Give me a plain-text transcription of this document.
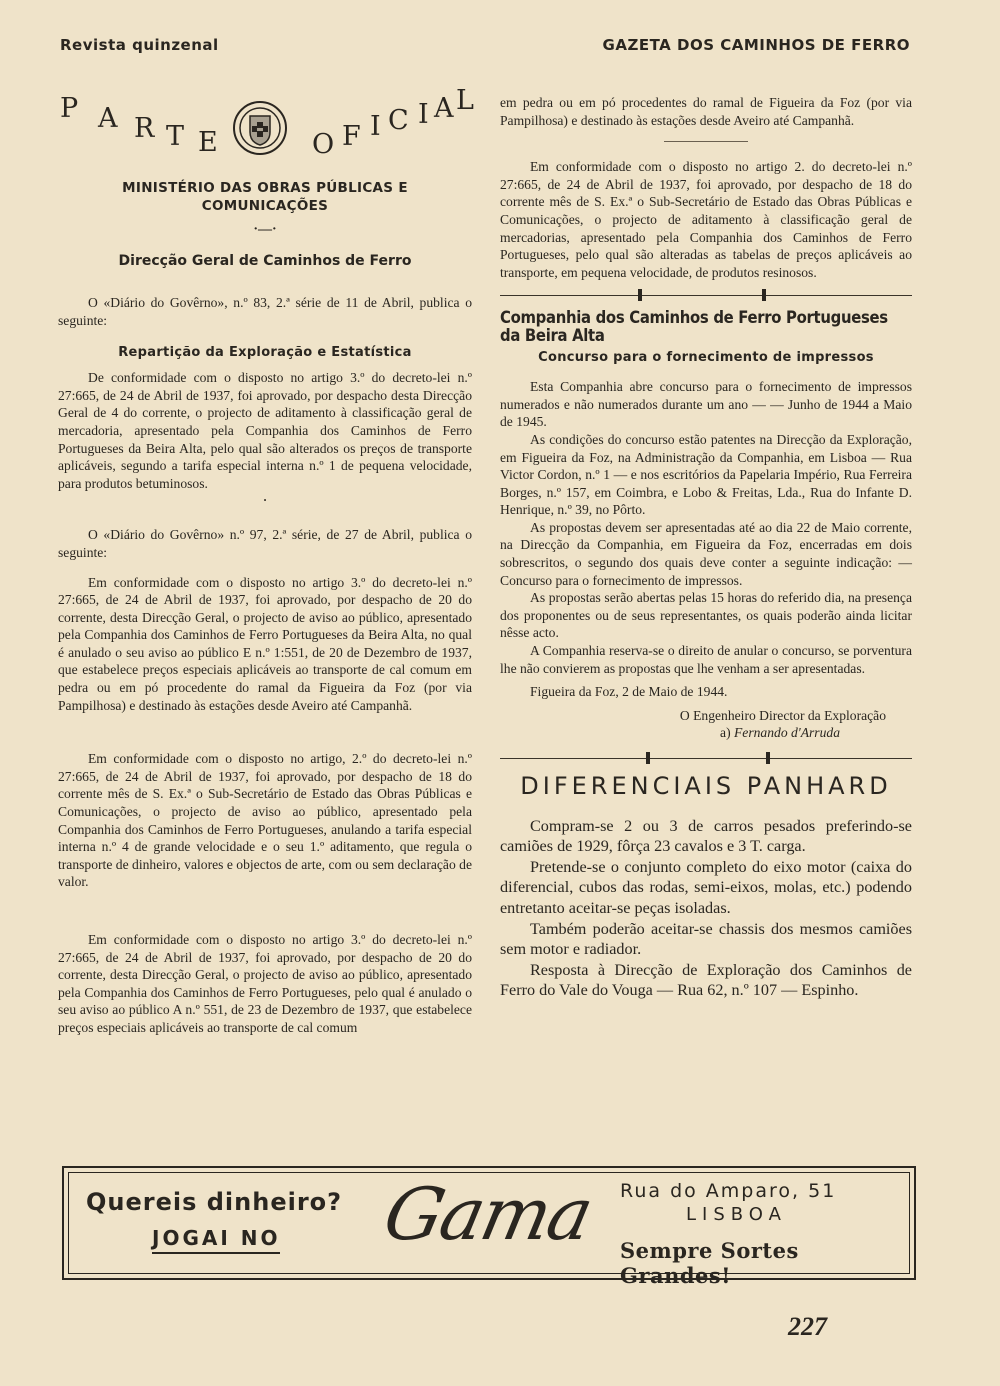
Revista quinzenal	GAZETA DOS CAMINHOS DE FERRO
P A R T E	O F I C I A L
MINISTÉRIO DAS OBRAS PÚBLICAS E COMUNICAÇÕES
·—·
Direcção Geral de Caminhos de Ferro

O «Diário do Govêrno», n.º 83, 2.ª série de 11 de Abril, publica o seguinte:

Repartição da Exploração e Estatística

De conformidade com o disposto no artigo 3.º do decreto-lei n.º 27:665, de 24 de Abril de 1937, foi aprovado, por despacho desta Direcção Geral de 4 do corrente, o projecto de aditamento à classificação geral de mercadoria, apresentado pela Companhia dos Caminhos de Ferro Portugueses da Beira Alta, pelo qual são alterados os preços de transporte aplicáveis, segundo a tarifa especial interna n.º 1 de pequena velocidade, para produtos betuminosos.

•

O «Diário do Govêrno» n.º 97, 2.ª série, de 27 de Abril, publica o seguinte:

Em conformidade com o disposto no artigo 3.º do decreto-lei n.º 27:665, de 24 de Abril de 1937, foi aprovado, por despacho de 20 do corrente, desta Direcção Geral, o projecto de aviso ao público, apresentado pela Companhia dos Caminhos de Ferro Portugueses da Beira Alta, no qual é anulado o seu aviso ao público E n.º 1:551, de 20 de Dezembro de 1937, que estabelece preços especiais aplicáveis ao transporte de cal comum em pedra ou em pó procedente do ramal da Figueira da Foz (por via Pampilhosa) e destinado às estações desde Aveiro até Campanhã.

Em conformidade com o disposto no artigo, 2.º do decreto-lei n.º 27:665, de 24 de Abril de 1937, foi aprovado, por despacho de 18 do corrente mês de S. Ex.ª o Sub-Secretário de Estado das Obras Públicas e Comunicações, o projecto de aviso ao público, apresentado pela Companhia dos Caminhos de Ferro Portugueses, anulando a tarifa especial interna n.º 4 de grande velocidade e o seu 1.º aditamento, que regula o transporte de dinheiro, valores e objectos de arte, com ou sem declaração de valor.

Em conformidade com o disposto no artigo 3.º do decreto-lei n.º 27:665, de 24 de Abril de 1937, foi aprovado, por despacho de 20 do corrente, desta Direcção Geral, o projecto de aviso ao público, apresentado pela Companhia dos Caminhos de Ferro Portugueses, pelo qual é anulado o seu aviso ao público A n.º 551, de 23 de Dezembro de 1937, que estabelece preços especiais aplicáveis ao transporte de cal comum

em pedra ou em pó procedentes do ramal de Figueira da Foz (por via Pampilhosa) e destinado às estações desde Aveiro até Campanhã.

Em conformidade com o disposto no artigo 2. do decreto-lei n.º 27:665, de 24 de Abril de 1937, foi aprovado, por despacho de 18 do corrente mês de S. Ex.ª o Sub-Secretário de Estado das Obras Públicas e Comunicações, o projecto de aditamento à classificação geral de mercadorias, apresentado pela Companhia dos Caminhos de Ferro Portugueses, pelo qual são alteradas as tabelas de preços aplicáveis ao transporte, em pequena velocidade, de produtos resinosos.

Companhia dos Caminhos de Ferro Portugueses da Beira Alta
Concurso para o fornecimento de impressos

Esta Companhia abre concurso para o fornecimento de impressos numerados e não numerados durante um ano — — Junho de 1944 a Maio de 1945.

As condições do concurso estão patentes na Direcção da Exploração, em Figueira da Foz, na Administração da Companhia, em Lisboa — Rua Victor Cordon, n.º 1 — e nos escritórios da Papelaria Império, Rua Ferreira Borges, n.º 157, em Coimbra, e Lobo & Freitas, Lda., Rua do Infante D. Henrique, n.º 39, no Pôrto.

As propostas devem ser apresentadas até ao dia 22 de Maio corrente, na Direcção da Companhia, em Figueira da Foz, encerradas em dois sobrescritos, o segundo dos quais deve conter a seguinte indicação: — Concurso para o fornecimento de impressos.

As propostas serão abertas pelas 15 horas do referido dia, na presença dos proponentes ou de seus representantes, os quais poderão ainda licitar nêsse acto.

A Companhia reserva-se o direito de anular o concurso, se porventura lhe não convierem as propostas que lhe venham a ser apresentadas.

Figueira da Foz, 2 de Maio de 1944.

O Engenheiro Director da Exploração
a) Fernando d'Arruda
DIFERENCIAIS PANHARD

Compram-se 2 ou 3 de carros pesados preferindo-se camiões de 1929, fôrça 23 cavalos e 3 T. carga.

Pretende-se o conjunto completo do eixo motor (caixa do diferencial, cubos das rodas, semi-eixos, molas, etc.) podendo entretanto aceitar-se peças isoladas.

Também poderão aceitar-se chassis dos mesmos camiões sem motor e radiador.

Resposta à Direcção de Exploração dos Caminhos de Ferro do Vale do Vouga — Rua 62, n.º 107 — Espinho.

Quereis dinheiro?
JOGAI NO Gama Rua do Amparo, 51
LISBOA
Sempre Sortes Grandes!
227
